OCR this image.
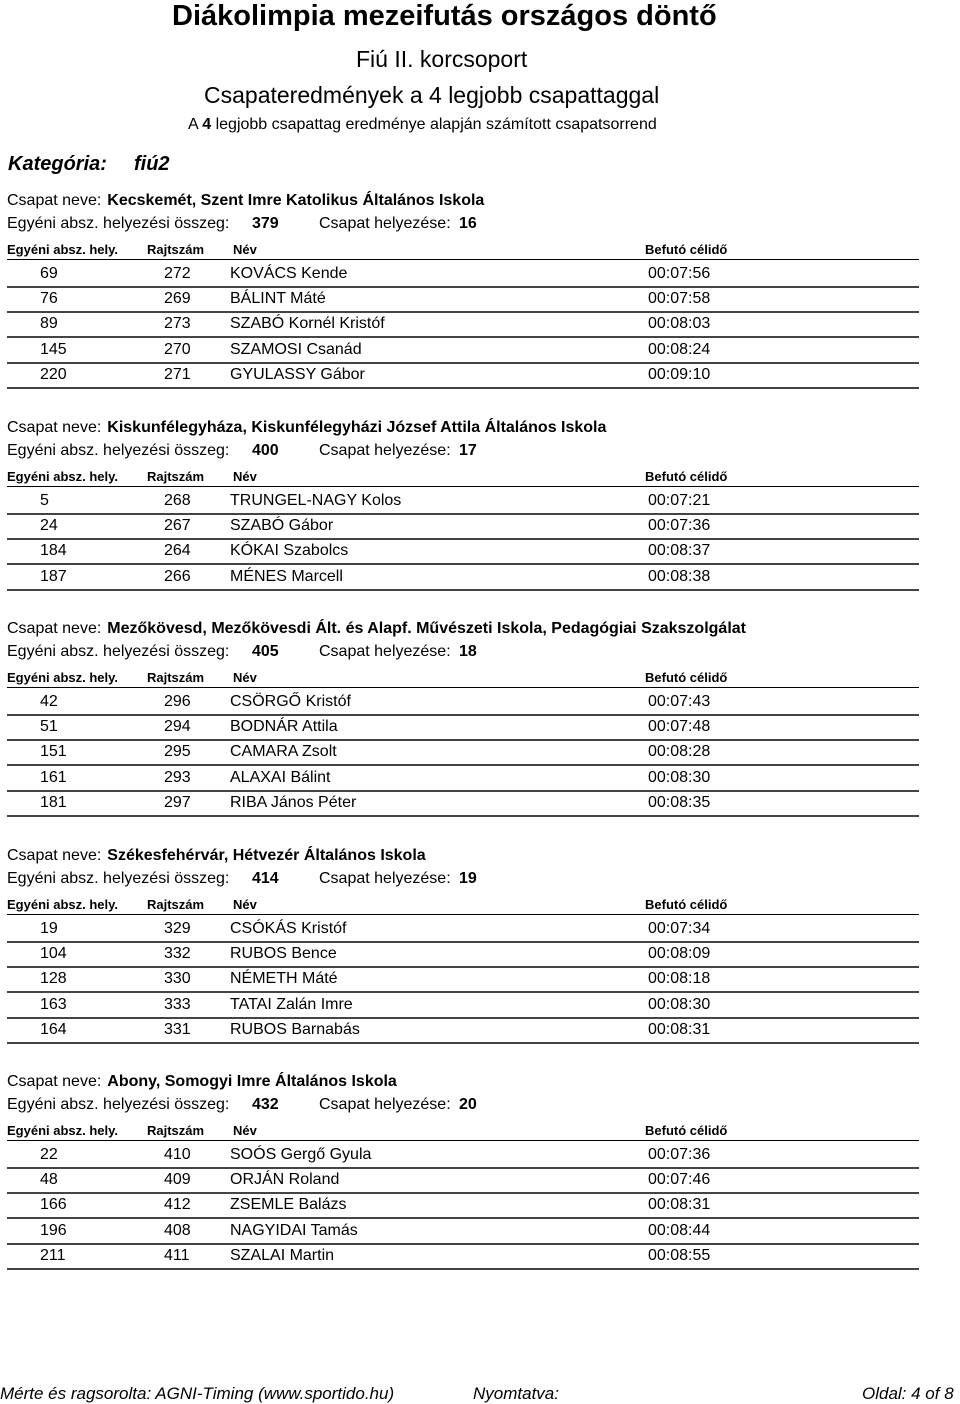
Diákolimpia mezeifutás országos döntő
Fiú II. korcsoport
Csapateredmények a 4 legjobb csapattaggal
A 4 legjobb csapattag eredménye alapján számított csapatsorrend
Kategória: fiú2
Csapat neve: Kecskemét, Szent Imre Katolikus Általános Iskola
Egyéni absz. helyezési összeg: 379	Csapat helyezése: 16
Egyéni absz. hely. Rajtszám Név	Befutó célidő
69	272 KOVÁCS Kende	00:07:56
76	269 BÁLINT Máté	00:07:58
89	273 SZABÓ Kornél Kristóf	00:08:03
145	270 SZAMOSI Csanád	00:08:24
220	271 GYULASSY Gábor	00:09:10
Csapat neve: Kiskunfélegyháza, Kiskunfélegyházi József Attila Általános Iskola
Egyéni absz. helyezési összeg: 400	Csapat helyezése: 17
Egyéni absz. hely. Rajtszám Név	Befutó célidő
5	268 TRUNGEL-NAGY Kolos	00:07:21
24	267 SZABÓ Gábor	00:07:36
184	264 KÓKAI Szabolcs	00:08:37
187	266 MÉNES Marcell	00:08:38
Csapat neve: Mezőkövesd, Mezőkövesdi Ált. és Alapf. Művészeti Iskola, Pedagógiai Szakszolgálat
Egyéni absz. helyezési összeg: 405	Csapat helyezése: 18
Egyéni absz. hely. Rajtszám Név	Befutó célidő
42	296 CSÖRGŐ Kristóf	00:07:43
51	294 BODNÁR Attila	00:07:48
151	295 CAMARA Zsolt	00:08:28
161	293 ALAXAI Bálint	00:08:30
181	297 RIBA János Péter	00:08:35
Csapat neve: Székesfehérvár, Hétvezér Általános Iskola
Egyéni absz. helyezési összeg: 414	Csapat helyezése: 19
Egyéni absz. hely. Rajtszám Név	Befutó célidő
19	329 CSÓKÁS Kristóf	00:07:34
104	332 RUBOS Bence	00:08:09
128	330 NÉMETH Máté	00:08:18
163	333 TATAI Zalán Imre	00:08:30
164	331 RUBOS Barnabás	00:08:31
Csapat neve: Abony, Somogyi Imre Általános Iskola
Egyéni absz. helyezési összeg: 432	Csapat helyezése: 20
Egyéni absz. hely. Rajtszám Név	Befutó célidő
22	410 SOÓS Gergő Gyula	00:07:36
48	409 ORJÁN Roland	00:07:46
166	412 ZSEMLE Balázs	00:08:31
196	408 NAGYIDAI Tamás	00:08:44
211	411	SZALAI Martin	00:08:55
Mérte és ragsorolta: AGNI-Timing (www.sportido.hu)	Nyomtatva:	Oldal: 4 of 8
